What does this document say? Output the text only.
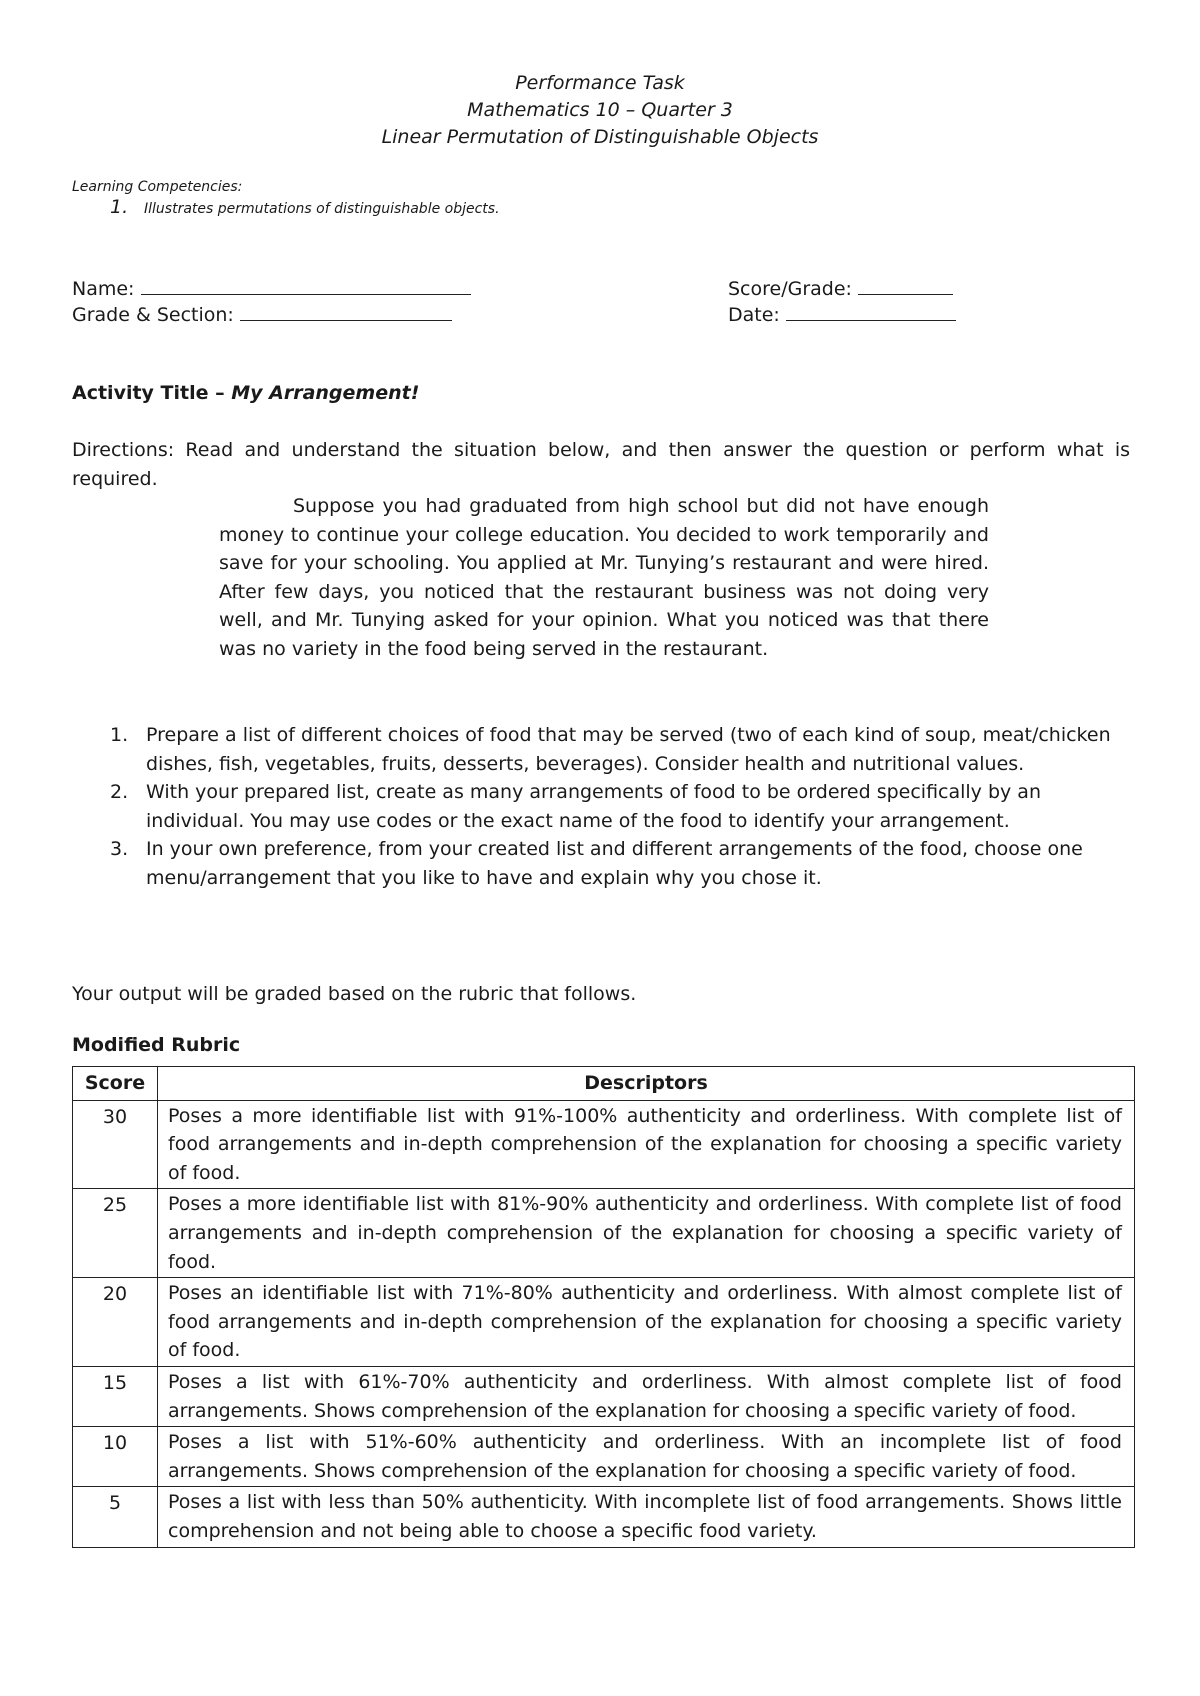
Performance Task
Mathematics 10 – Quarter 3
Linear Permutation of Distinguishable Objects
Learning Competencies:
1. Illustrates permutations of distinguishable objects.
Name:
Grade & Section:
Score/Grade:
Date:
Activity Title – My Arrangement!
Directions: Read and understand the situation below, and then answer the question or perform what is required.
Suppose you had graduated from high school but did not have enough money to continue your college education. You decided to work temporarily and save for your schooling. You applied at Mr. Tunying’s restaurant and were hired. After few days, you noticed that the restaurant business was not doing very well, and Mr. Tunying asked for your opinion. What you noticed was that there was no variety in the food being served in the restaurant.
1. Prepare a list of different choices of food that may be served (two of each kind of soup, meat/chicken dishes, fish, vegetables, fruits, desserts, beverages). Consider health and nutritional values.
2. With your prepared list, create as many arrangements of food to be ordered specifically by an individual. You may use codes or the exact name of the food to identify your arrangement.
3. In your own preference, from your created list and different arrangements of the food, choose one menu/arrangement that you like to have and explain why you chose it.
Your output will be graded based on the rubric that follows.
Modified Rubric
Score	Descriptors
30	Poses a more identifiable list with 91%-100% authenticity and orderliness. With complete list of food arrangements and in-depth comprehension of the explanation for choosing a specific variety of food.
25	Poses a more identifiable list with 81%-90% authenticity and orderliness. With complete list of food arrangements and in-depth comprehension of the explanation for choosing a specific variety of food.
20	Poses an identifiable list with 71%-80% authenticity and orderliness. With almost complete list of food arrangements and in-depth comprehension of the explanation for choosing a specific variety of food.
15	Poses a list with 61%-70% authenticity and orderliness. With almost complete list of food arrangements. Shows comprehension of the explanation for choosing a specific variety of food.
10	Poses a list with 51%-60% authenticity and orderliness. With an incomplete list of food arrangements. Shows comprehension of the explanation for choosing a specific variety of food.
5	Poses a list with less than 50% authenticity. With incomplete list of food arrangements. Shows little comprehension and not being able to choose a specific food variety.
